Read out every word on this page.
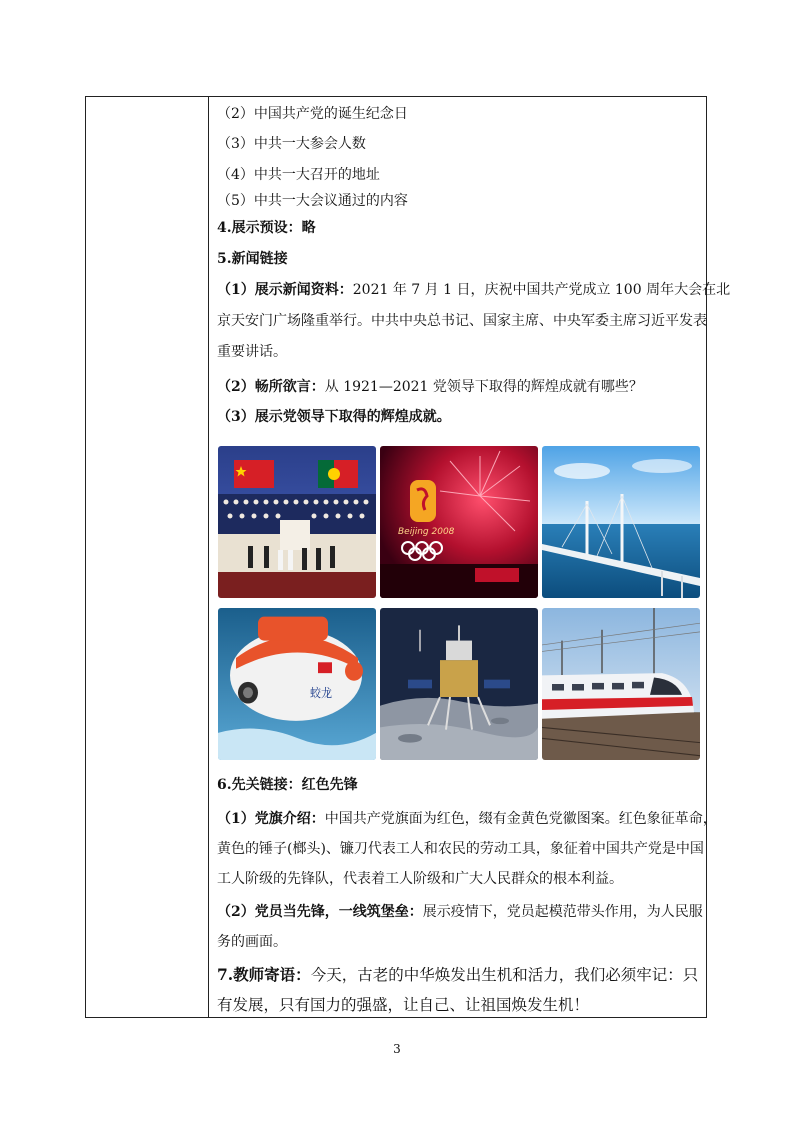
（2）中国共产党的诞生纪念日
（3）中共一大参会人数
（4）中共一大召开的地址
（5）中共一大会议通过的内容
4.展示预设：略
5.新闻链接
（1）展示新闻资料：2021 年 7 月 1 日，庆祝中国共产党成立 100 周年大会在北
京天安门广场隆重举行。中共中央总书记、国家主席、中央军委主席习近平发表
重要讲话。
（2）畅所欲言：从 1921—2021 党领导下取得的辉煌成就有哪些？
（3）展示党领导下取得的辉煌成就。
Beijing 2008
蛟龙
6.先关链接：红色先锋
（1）党旗介绍：中国共产党旗面为红色，缀有金黄色党徽图案。红色象征革命，
黄色的锤子(榔头)、镰刀代表工人和农民的劳动工具，象征着中国共产党是中国
工人阶级的先锋队，代表着工人阶级和广大人民群众的根本利益。
（2）党员当先锋，一线筑堡垒：展示疫情下，党员起模范带头作用，为人民服
务的画面。
7.教师寄语：今天，古老的中华焕发出生机和活力，我们必须牢记：只
有发展，只有国力的强盛，让自己、让祖国焕发生机！
3
